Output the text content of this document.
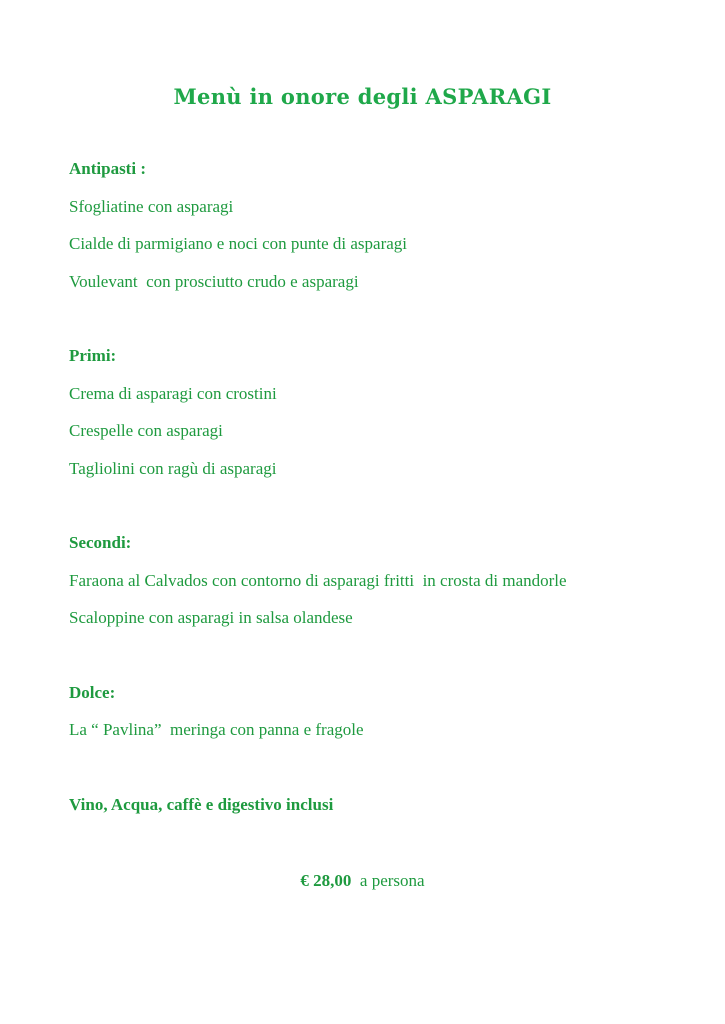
Menù in onore degli ASPARAGI
Antipasti :
Sfogliatine con asparagi
Cialde di parmigiano e noci con punte di asparagi
Voulevant  con prosciutto crudo e asparagi
Primi:
Crema di asparagi con crostini
Crespelle con asparagi
Tagliolini con ragù di asparagi
Secondi:
Faraona al Calvados con contorno di asparagi fritti  in crosta di mandorle
Scaloppine con asparagi in salsa olandese
Dolce:
La “ Pavlina”  meringa con panna e fragole
Vino, Acqua, caffè e digestivo inclusi
€ 28,00 a persona
